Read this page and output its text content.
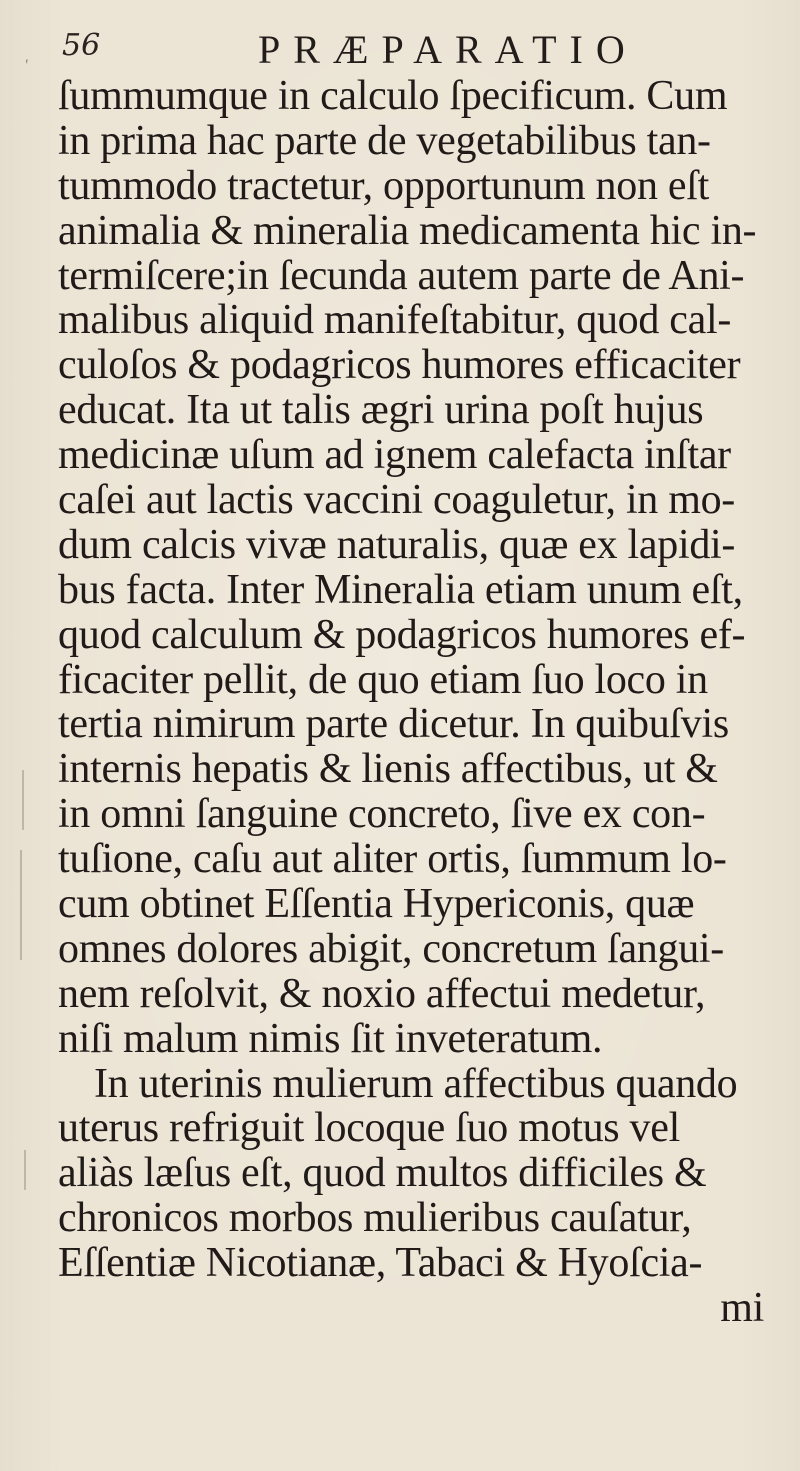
56	PRÆPARATIO
′
ſummumque in calculo ſpecificum. Cum
in prima hac parte de vegetabilibus tan-
tummodo tractetur, opportunum non eſt
animalia & mineralia medicamenta hic in-
termiſcere;in ſecunda autem parte de Ani-
malibus aliquid manifeſtabitur, quod cal-
culoſos & podagricos humores efficaciter
educat. Ita ut talis ægri urina poſt hujus
medicinæ uſum ad ignem calefacta inſtar
caſei aut lactis vaccini coaguletur, in mo-
dum calcis vivæ naturalis, quæ ex lapidi-
bus facta. Inter Mineralia etiam unum eſt,
quod calculum & podagricos humores ef-
ficaciter pellit, de quo etiam ſuo loco in
tertia nimirum parte dicetur. In quibuſvis
internis hepatis & lienis affectibus, ut &
in omni ſanguine concreto, ſive ex con-
tuſione, caſu aut aliter ortis, ſummum lo-
cum obtinet Eſſentia Hypericonis, quæ
omnes dolores abigit, concretum ſangui-
nem reſolvit, & noxio affectui medetur,
niſi malum nimis ſit inveteratum.
In uterinis mulierum affectibus quando
uterus refriguit locoque ſuo motus vel
aliàs læſus eſt, quod multos difficiles &
chronicos morbos mulieribus cauſatur,
Eſſentiæ Nicotianæ, Tabaci & Hyoſcia-
mi
